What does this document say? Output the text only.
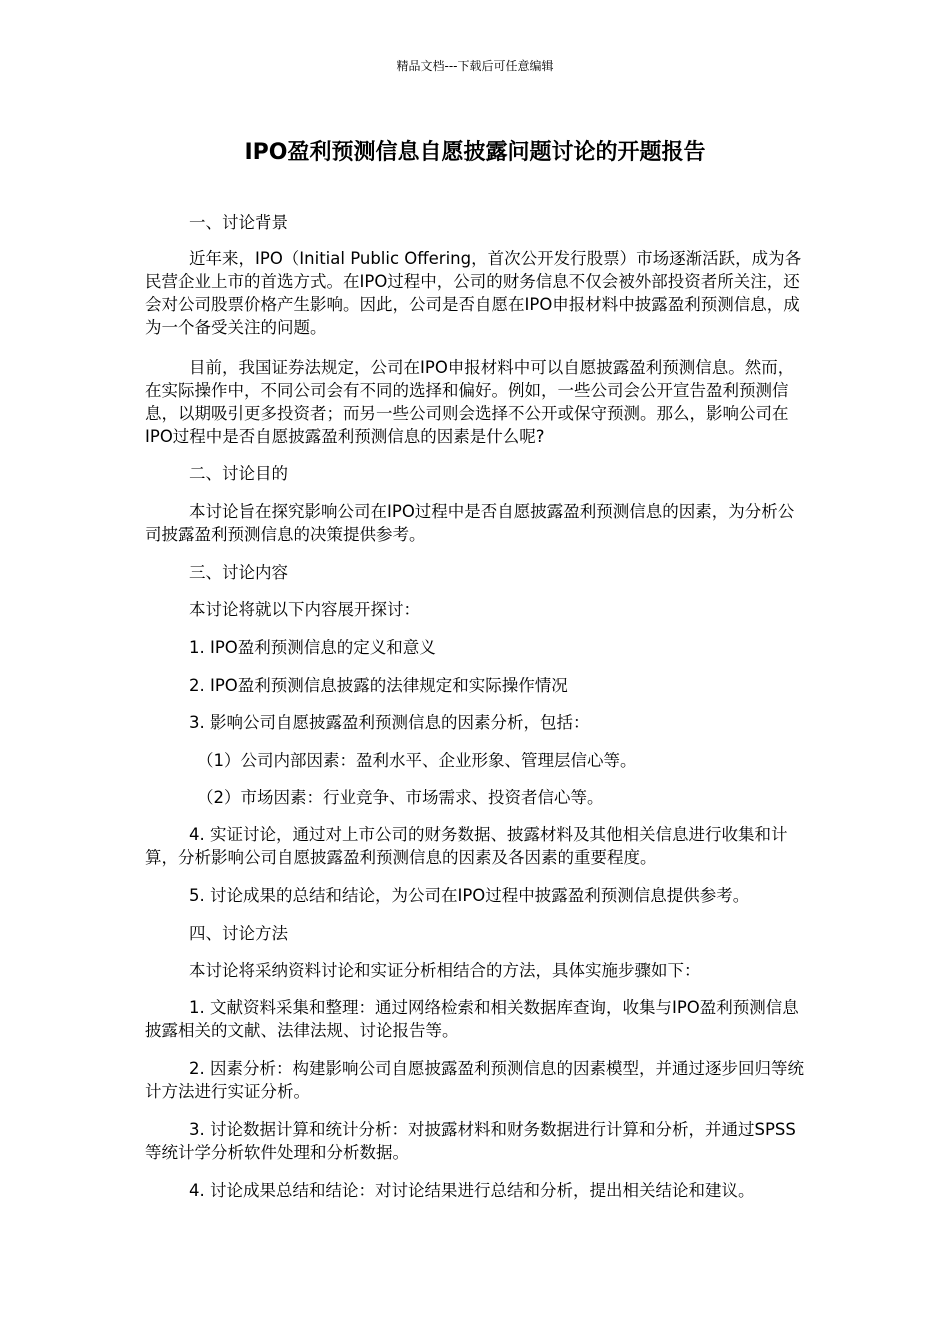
精品文档---下载后可任意编辑
IPO盈利预测信息自愿披露问题讨论的开题报告
一、讨论背景
近年来，IPO（Initial Public Offering，首次公开发行股票）市场逐渐活跃，成为各民营企业上市的首选方式。在IPO过程中，公司的财务信息不仅会被外部投资者所关注，还会对公司股票价格产生影响。因此，公司是否自愿在IPO申报材料中披露盈利预测信息，成为一个备受关注的问题。
目前，我国证券法规定，公司在IPO申报材料中可以自愿披露盈利预测信息。然而，在实际操作中，不同公司会有不同的选择和偏好。例如，一些公司会公开宣告盈利预测信息，以期吸引更多投资者；而另一些公司则会选择不公开或保守预测。那么，影响公司在IPO过程中是否自愿披露盈利预测信息的因素是什么呢?
二、讨论目的
本讨论旨在探究影响公司在IPO过程中是否自愿披露盈利预测信息的因素，为分析公司披露盈利预测信息的决策提供参考。
三、讨论内容
本讨论将就以下内容展开探讨：
1. IPO盈利预测信息的定义和意义
2. IPO盈利预测信息披露的法律规定和实际操作情况
3. 影响公司自愿披露盈利预测信息的因素分析，包括：
（1）公司内部因素：盈利水平、企业形象、管理层信心等。
（2）市场因素：行业竞争、市场需求、投资者信心等。
4. 实证讨论，通过对上市公司的财务数据、披露材料及其他相关信息进行收集和计算，分析影响公司自愿披露盈利预测信息的因素及各因素的重要程度。
5. 讨论成果的总结和结论，为公司在IPO过程中披露盈利预测信息提供参考。
四、讨论方法
本讨论将采纳资料讨论和实证分析相结合的方法，具体实施步骤如下：
1. 文献资料采集和整理：通过网络检索和相关数据库查询，收集与IPO盈利预测信息披露相关的文献、法律法规、讨论报告等。
2. 因素分析：构建影响公司自愿披露盈利预测信息的因素模型，并通过逐步回归等统计方法进行实证分析。
3. 讨论数据计算和统计分析：对披露材料和财务数据进行计算和分析，并通过SPSS等统计学分析软件处理和分析数据。
4. 讨论成果总结和结论：对讨论结果进行总结和分析，提出相关结论和建议。
